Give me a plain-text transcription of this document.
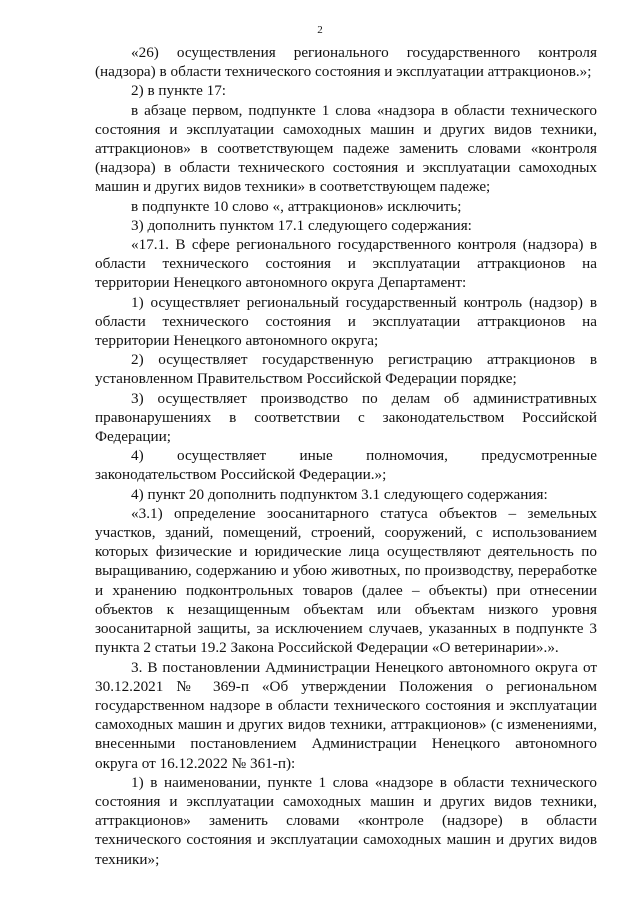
2

«26) осуществления регионального государственного контроля (надзора) в области технического состояния и эксплуатации аттракционов.»;

2) в пункте 17:

в абзаце первом, подпункте 1 слова «надзора в области технического состояния и эксплуатации самоходных машин и других видов техники, аттракционов» в соответствующем падеже заменить словами «контроля (надзора) в области технического состояния и эксплуатации самоходных машин и других видов техники» в соответствующем падеже;

в подпункте 10 слово «, аттракционов» исключить;

3) дополнить пунктом 17.1 следующего содержания:

«17.1. В сфере регионального государственного контроля (надзора) в области технического состояния и эксплуатации аттракционов на территории Ненецкого автономного округа Департамент:

1) осуществляет региональный государственный контроль (надзор) в области технического состояния и эксплуатации аттракционов на территории Ненецкого автономного округа;

2) осуществляет государственную регистрацию аттракционов в установленном Правительством Российской Федерации порядке;

3) осуществляет производство по делам об административных правонарушениях в соответствии с законодательством Российской Федерации;

4) осуществляет иные полномочия, предусмотренные законодательством Российской Федерации.»;

4) пункт 20 дополнить подпунктом 3.1 следующего содержания:

«3.1) определение зоосанитарного статуса объектов – земельных участков, зданий, помещений, строений, сооружений, с использованием которых физические и юридические лица осуществляют деятельность по выращиванию, содержанию и убою животных, по производству, переработке и хранению подконтрольных товаров (далее – объекты) при отнесении объектов к незащищенным объектам или объектам низкого уровня зоосанитарной защиты, за исключением случаев, указанных в подпункте 3 пункта 2 статьи 19.2 Закона Российской Федерации «О ветеринарии».».

3. В постановлении Администрации Ненецкого автономного округа от 30.12.2021 № 369-п «Об утверждении Положения о региональном государственном надзоре в области технического состояния и эксплуатации самоходных машин и других видов техники, аттракционов» (с изменениями, внесенными постановлением Администрации Ненецкого автономного округа от 16.12.2022 № 361-п):

1) в наименовании, пункте 1 слова «надзоре в области технического состояния и эксплуатации самоходных машин и других видов техники, аттракционов» заменить словами «контроле (надзоре) в области технического состояния и эксплуатации самоходных машин и других видов техники»;
